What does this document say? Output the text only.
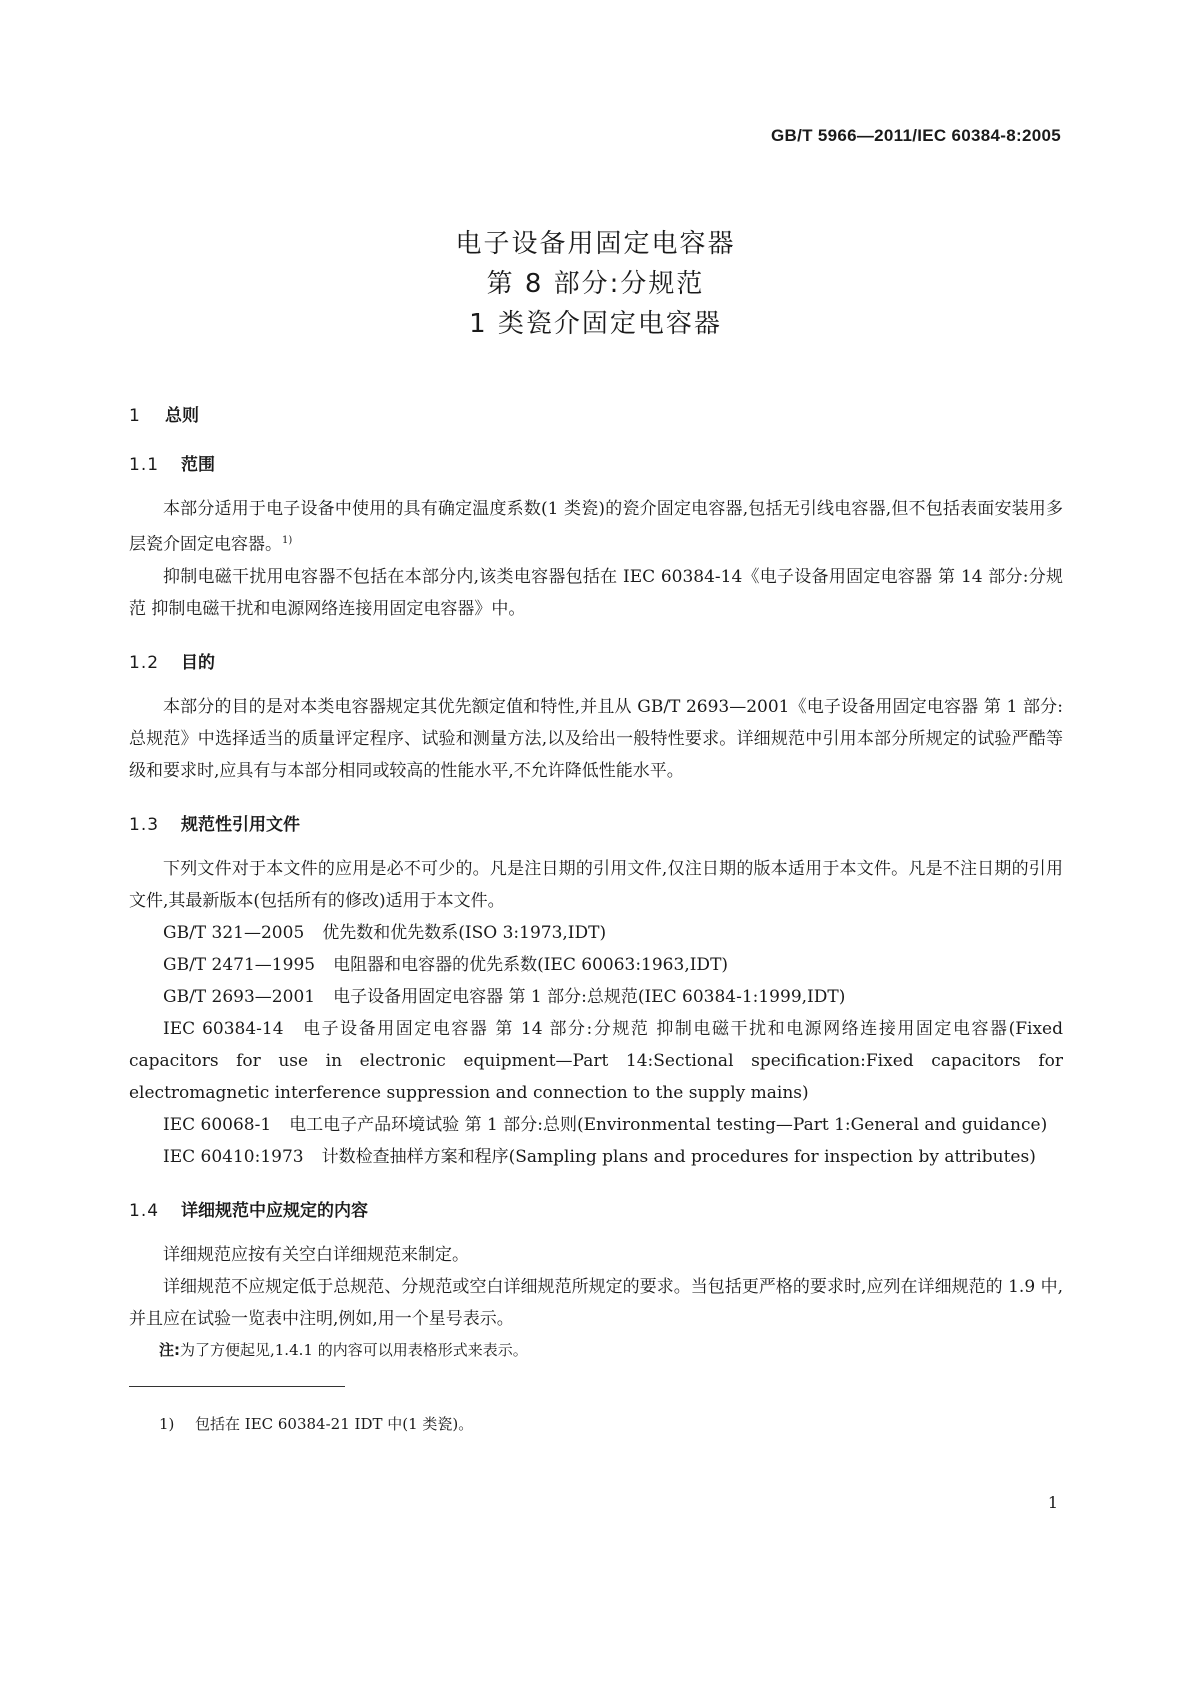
GB/T 5966—2011/IEC 60384-8:2005
电子设备用固定电容器
第 8 部分:分规范
1 类瓷介固定电容器
1 总则
1.1 范围

本部分适用于电子设备中使用的具有确定温度系数(1 类瓷)的瓷介固定电容器,包括无引线电容器,但不包括表面安装用多层瓷介固定电容器。$^{1)}$

抑制电磁干扰用电容器不包括在本部分内,该类电容器包括在 IEC 60384-14《电子设备用固定电容器 第 14 部分:分规范 抑制电磁干扰和电源网络连接用固定电容器》中。

1.2 目的

本部分的目的是对本类电容器规定其优先额定值和特性,并且从 GB/T 2693—2001《电子设备用固定电容器 第 1 部分:总规范》中选择适当的质量评定程序、试验和测量方法,以及给出一般特性要求。详细规范中引用本部分所规定的试验严酷等级和要求时,应具有与本部分相同或较高的性能水平,不允许降低性能水平。

1.3 规范性引用文件

下列文件对于本文件的应用是必不可少的。凡是注日期的引用文件,仅注日期的版本适用于本文件。凡是不注日期的引用文件,其最新版本(包括所有的修改)适用于本文件。

GB/T 321—2005 优先数和优先数系(ISO 3:1973,IDT)

GB/T 2471—1995 电阻器和电容器的优先系数(IEC 60063:1963,IDT)

GB/T 2693—2001 电子设备用固定电容器 第 1 部分:总规范(IEC 60384-1:1999,IDT)

IEC 60384-14 电子设备用固定电容器 第 14 部分:分规范 抑制电磁干扰和电源网络连接用固定电容器(Fixed capacitors for use in electronic equipment—Part 14:Sectional specification:Fixed capacitors for electromagnetic interference suppression and connection to the supply mains)

IEC 60068-1 电工电子产品环境试验 第 1 部分:总则(Environmental testing—Part 1:General and guidance)

IEC 60410:1973 计数检查抽样方案和程序(Sampling plans and procedures for inspection by attributes)

1.4 详细规范中应规定的内容

详细规范应按有关空白详细规范来制定。

详细规范不应规定低于总规范、分规范或空白详细规范所规定的要求。当包括更严格的要求时,应列在详细规范的 1.9 中,并且应在试验一览表中注明,例如,用一个星号表示。

注:为了方便起见,1.4.1 的内容可以用表格形式来表示。

1) 包括在 IEC 60384-21 IDT 中(1 类瓷)。
1
